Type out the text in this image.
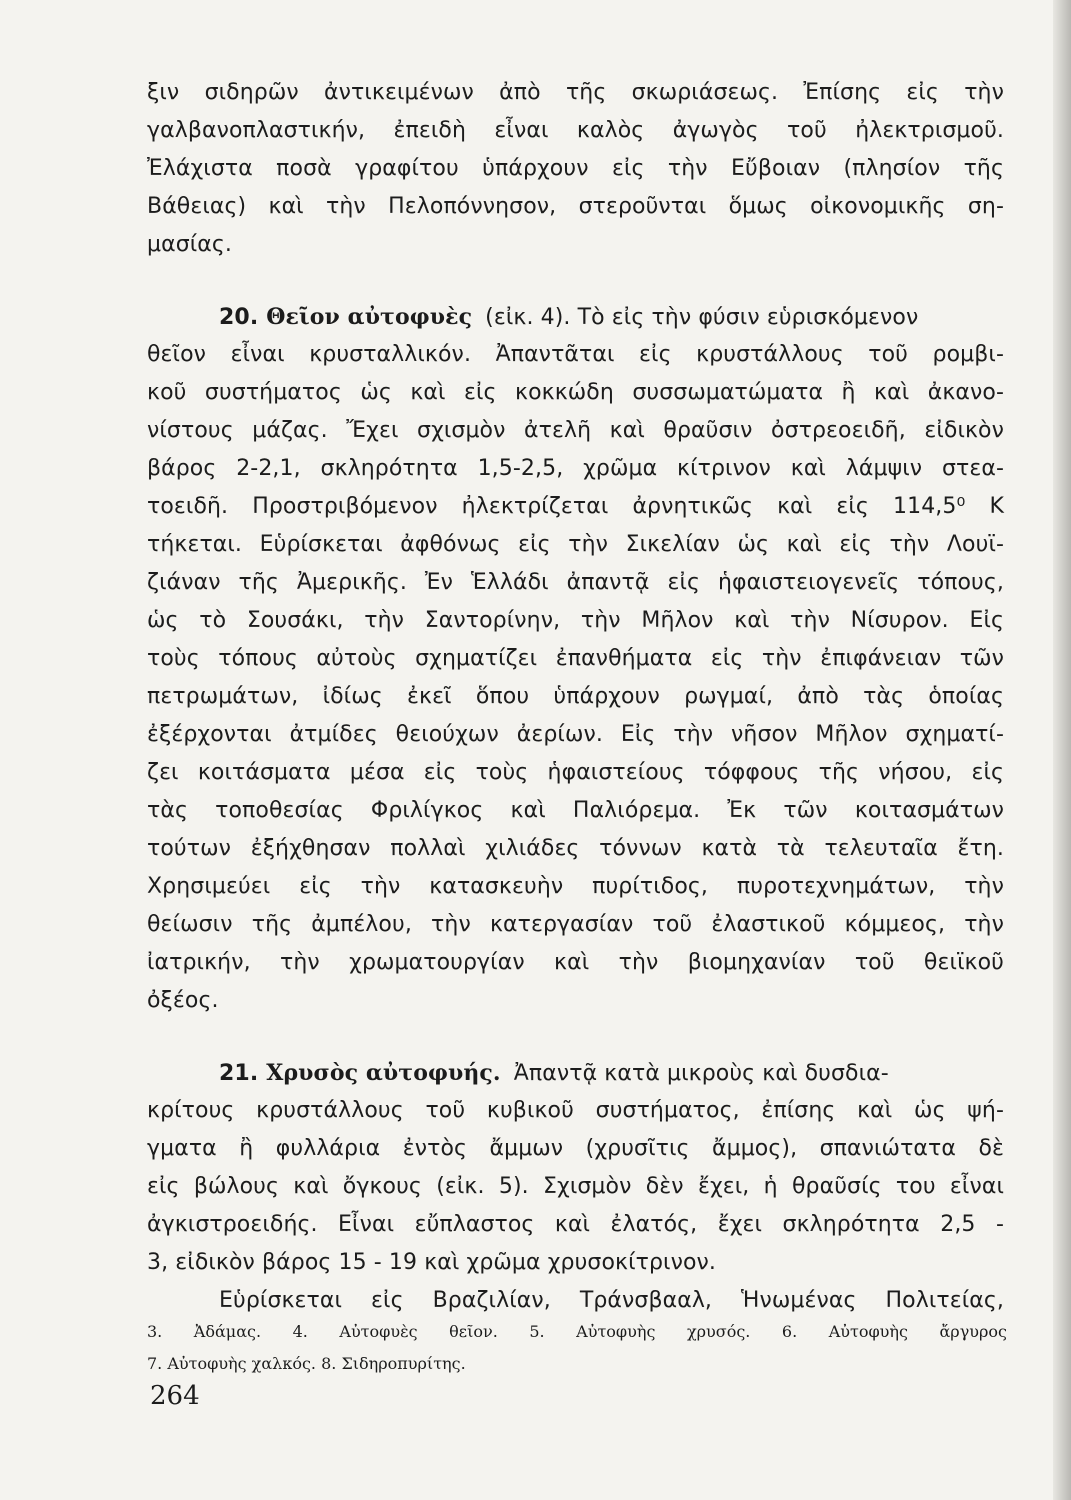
ξιν σιδηρῶν ἀντικειμένων ἀπὸ τῆς σκωριάσεως. Ἐπίσης εἰς τὴν
γαλβανοπλαστικήν, ἐπειδὴ εἶναι καλὸς ἀγωγὸς τοῦ ἠλεκτρισμοῦ.
Ἐλάχιστα ποσὰ γραφίτου ὑπάρχουν εἰς τὴν Εὔβοιαν (πλησίον τῆς
Βάθειας) καὶ τὴν Πελοπόννησον, στεροῦνται ὅμως οἰκονομικῆς ση-
μασίας.
20. Θεῖον αὐτοφυὲς (εἰκ. 4). Τὸ εἰς τὴν φύσιν εὑρισκόμενον
θεῖον εἶναι κρυσταλλικόν. Ἀπαντᾶται εἰς κρυστάλλους τοῦ ρομβι-
κοῦ συστήματος ὡς καὶ εἰς κοκκώδη συσσωματώματα ἢ καὶ ἀκανο-
νίστους μάζας. Ἔχει σχισμὸν ἀτελῆ καὶ θραῦσιν ὀστρεοειδῆ, εἰδικὸν
βάρος 2-2,1, σκληρότητα 1,5-2,5, χρῶμα κίτρινον καὶ λάμψιν στεα-
τοειδῆ. Προστριβόμενον ἠλεκτρίζεται ἀρνητικῶς καὶ εἰς 114,5⁰ Κ
τήκεται. Εὑρίσκεται ἀφθόνως εἰς τὴν Σικελίαν ὡς καὶ εἰς τὴν Λουϊ-
ζιάναν τῆς Ἀμερικῆς. Ἐν Ἑλλάδι ἀπαντᾷ εἰς ἡφαιστειογενεῖς τόπους,
ὡς τὸ Σουσάκι, τὴν Σαντορίνην, τὴν Μῆλον καὶ τὴν Νίσυρον. Εἰς
τοὺς τόπους αὐτοὺς σχηματίζει ἐπανθήματα εἰς τὴν ἐπιφάνειαν τῶν
πετρωμάτων, ἰδίως ἐκεῖ ὅπου ὑπάρχουν ρωγμαί, ἀπὸ τὰς ὁποίας
ἐξέρχονται ἀτμίδες θειούχων ἀερίων. Εἰς τὴν νῆσον Μῆλον σχηματί-
ζει κοιτάσματα μέσα εἰς τοὺς ἡφαιστείους τόφφους τῆς νήσου, εἰς
τὰς τοποθεσίας Φριλίγκος καὶ Παλιόρεμα. Ἐκ τῶν κοιτασμάτων
τούτων ἐξήχθησαν πολλαὶ χιλιάδες τόννων κατὰ τὰ τελευταῖα ἔτη.
Χρησιμεύει εἰς τὴν κατασκευὴν πυρίτιδος, πυροτεχνημάτων, τὴν
θείωσιν τῆς ἀμπέλου, τὴν κατεργασίαν τοῦ ἐλαστικοῦ κόμμεος, τὴν
ἰατρικήν, τὴν χρωματουργίαν καὶ τὴν βιομηχανίαν τοῦ θειϊκοῦ
ὀξέος.
21. Χρυσὸς αὐτοφυής. Ἀπαντᾷ κατὰ μικροὺς καὶ δυσδια-
κρίτους κρυστάλλους τοῦ κυβικοῦ συστήματος, ἐπίσης καὶ ὡς ψή-
γματα ἢ φυλλάρια ἐντὸς ἄμμων (χρυσῖτις ἄμμος), σπανιώτατα δὲ
εἰς βώλους καὶ ὄγκους (εἰκ. 5). Σχισμὸν δὲν ἔχει, ἡ θραῦσίς του εἶναι
ἀγκιστροειδής. Εἶναι εὔπλαστος καὶ ἐλατός, ἔχει σκληρότητα 2,5 -
3, εἰδικὸν βάρος 15 - 19 καὶ χρῶμα χρυσοκίτρινον.
Εὑρίσκεται εἰς Βραζιλίαν, Τράνσβααλ, Ἡνωμένας Πολιτείας,
3. Ἀδάμας. 4. Αὐτοφυὲς θεῖον. 5. Αὐτοφυὴς χρυσός. 6. Αὐτοφυὴς ἄργυρος
7. Αὐτοφυὴς χαλκός. 8. Σιδηροπυρίτης.
264
